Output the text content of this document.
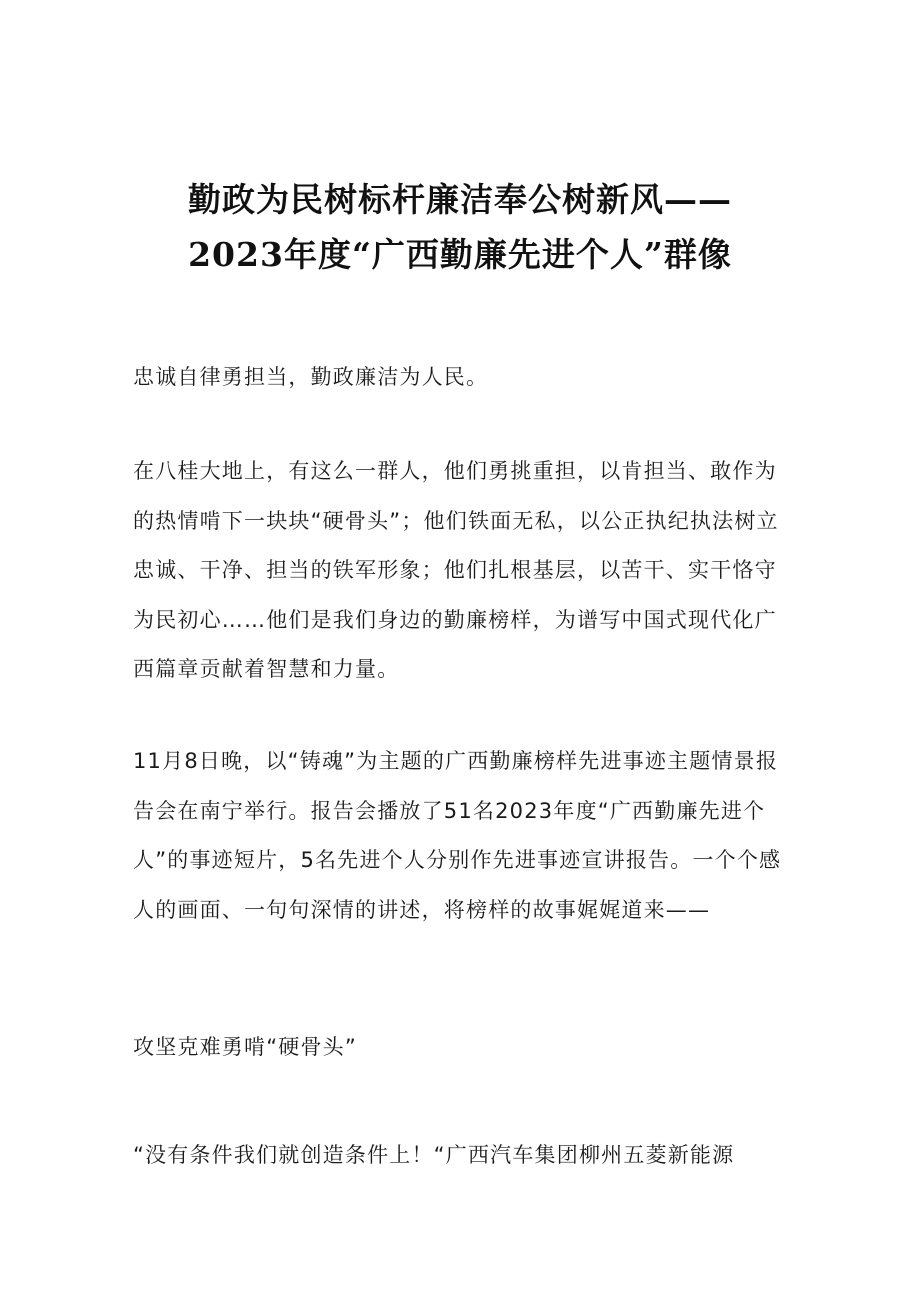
勤政为民树标杆廉洁奉公树新风——
2023年度“广西勤廉先进个人”群像

忠诚自律勇担当，勤政廉洁为人民。

在八桂大地上，有这么一群人，他们勇挑重担，以肯担当、敢作为的热情啃下一块块“硬骨头”；他们铁面无私，以公正执纪执法树立忠诚、干净、担当的铁军形象；他们扎根基层，以苦干、实干恪守为民初心……他们是我们身边的勤廉榜样，为谱写中国式现代化广西篇章贡献着智慧和力量。

11月8日晚，以“铸魂”为主题的广西勤廉榜样先进事迹主题情景报告会在南宁举行。报告会播放了51名2023年度“广西勤廉先进个人”的事迹短片，5名先进个人分别作先进事迹宣讲报告。一个个感人的画面、一句句深情的讲述，将榜样的故事娓娓道来——

攻坚克难勇啃“硬骨头”

“没有条件我们就创造条件上！“广西汽车集团柳州五菱新能源
